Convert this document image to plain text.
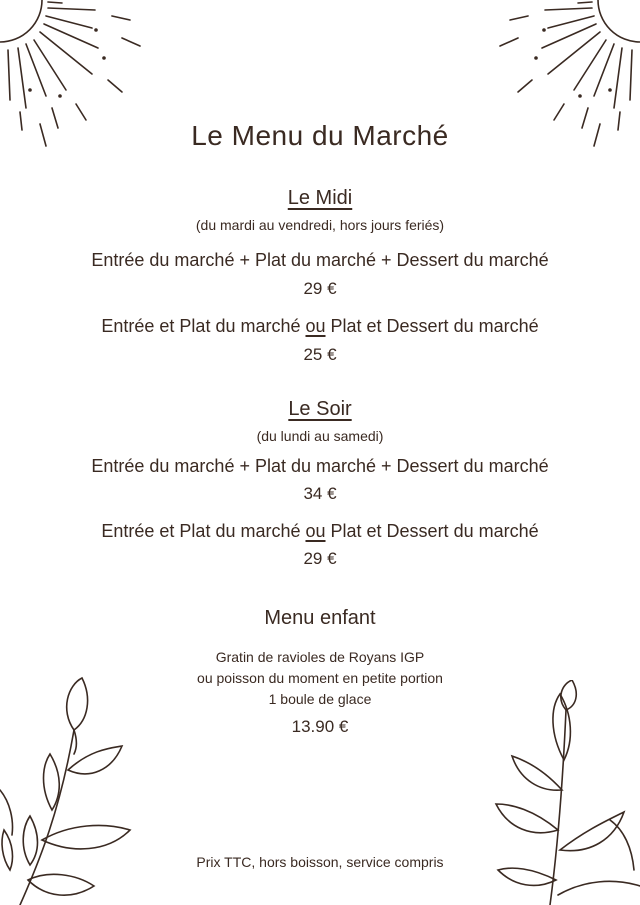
Le Menu du Marché
Le Midi
(du mardi au vendredi, hors jours feriés)
Entrée du marché + Plat du marché + Dessert du marché
29 €
Entrée et Plat du marché ou Plat et Dessert du marché
25 €
Le Soir
(du lundi au samedi)
Entrée du marché + Plat du marché + Dessert du marché
34 €
Entrée et Plat du marché ou Plat et Dessert du marché
29 €
Menu enfant
Gratin de ravioles de Royans IGP
ou poisson du moment en petite portion
1 boule de glace
13.90 €
Prix TTC, hors boisson, service compris
